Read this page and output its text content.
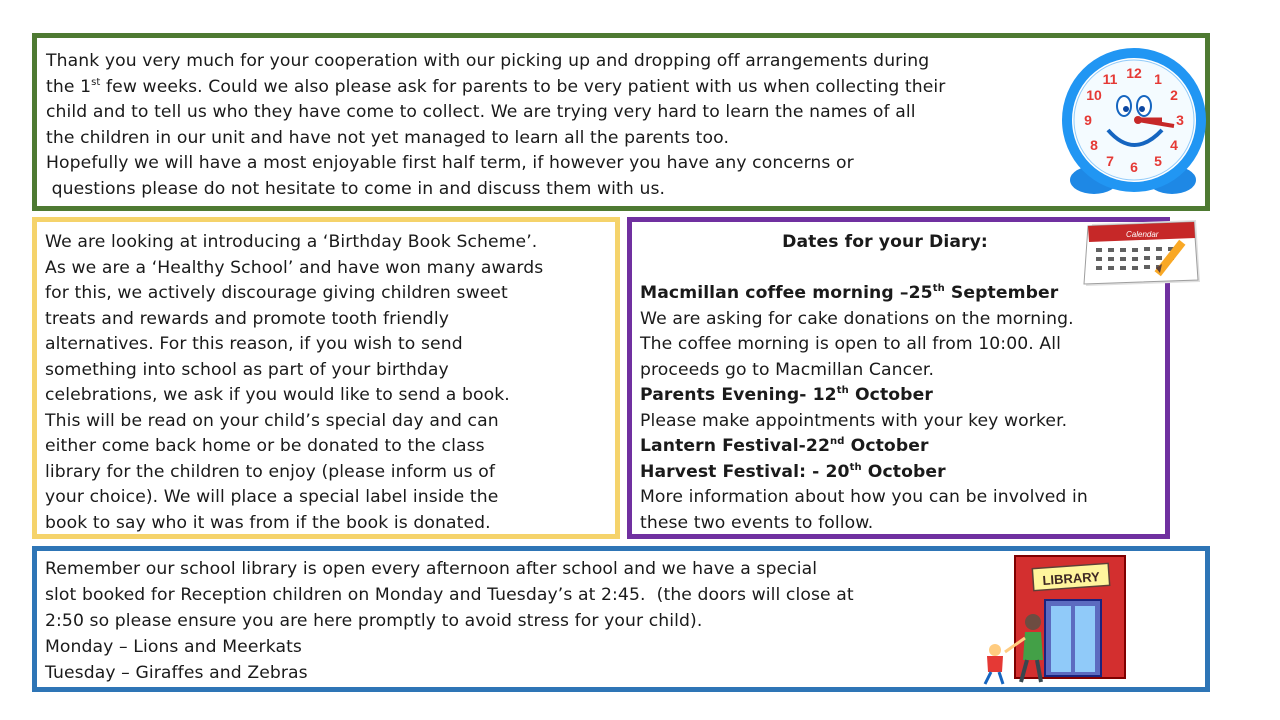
Thank you very much for your cooperation with our picking up and dropping off arrangements during

the 1st few weeks. Could we also please ask for parents to be very patient with us when collecting their

child and to tell us who they have come to collect. We are trying very hard to learn the names of all

the children in our unit and have not yet managed to learn all the parents too.

Hopefully we will have a most enjoyable first half term, if however you have any concerns or

questions please do not hesitate to come in and discuss them with us.

12 1
2
3
4
5
6
7
8
9
10
11

We are looking at introducing a ‘Birthday Book Scheme’.

As we are a ‘Healthy School’ and have won many awards

for this, we actively discourage giving children sweet

treats and rewards and promote tooth friendly

alternatives. For this reason, if you wish to send

something into school as part of your birthday

celebrations, we ask if you would like to send a book.

This will be read on your child’s special day and can

either come back home or be donated to the class

library for the children to enjoy (please inform us of

your choice). We will place a special label inside the

book to say who it was from if the book is donated.

Dates for your Diary:

Macmillan coffee morning –25th September

We are asking for cake donations on the morning.

The coffee morning is open to all from 10:00. All

proceeds go to Macmillan Cancer.

Parents Evening- 12th October

Please make appointments with your key worker.

Lantern Festival-22nd October

Harvest Festival: - 20th October

More information about how you can be involved in

these two events to follow.

Calendar

Remember our school library is open every afternoon after school and we have a special

slot booked for Reception children on Monday and Tuesday’s at 2:45.  (the doors will close at

2:50 so please ensure you are here promptly to avoid stress for your child).

Monday – Lions and Meerkats

Tuesday – Giraffes and Zebras

LIBRARY
